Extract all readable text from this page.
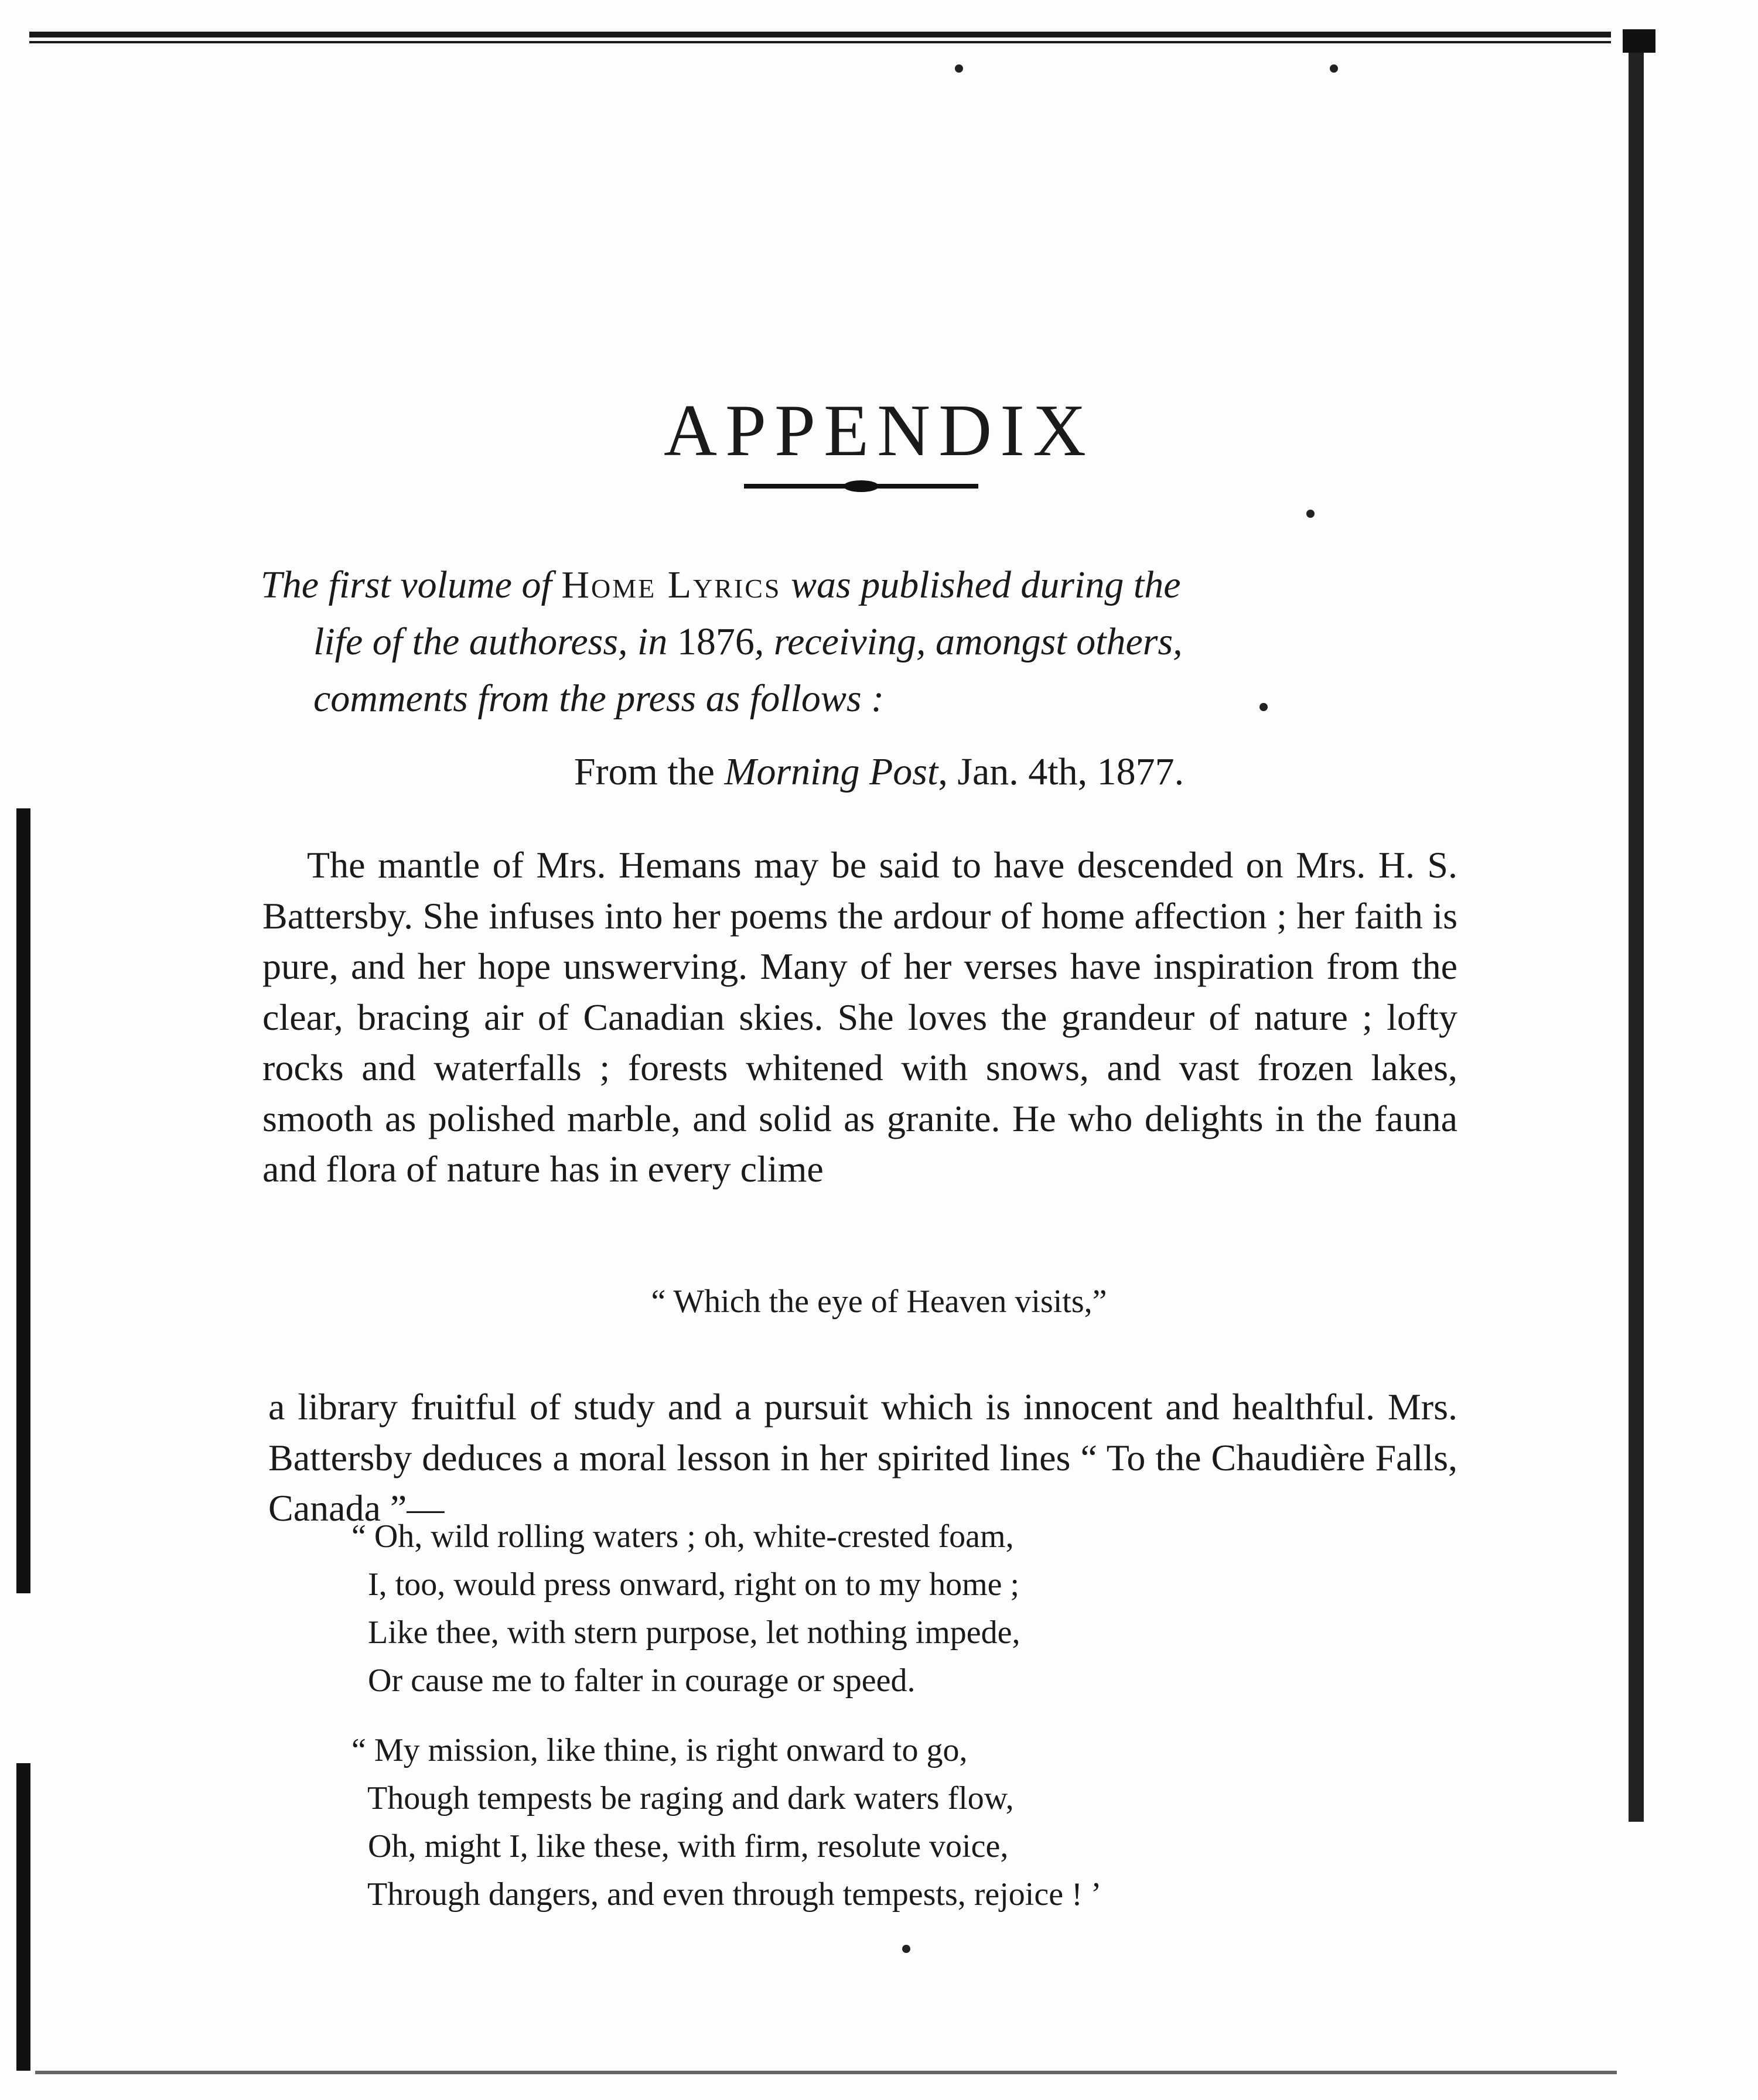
APPENDIX
The first volume of Home Lyrics was published during the
life of the authoress, in 1876, receiving, amongst others,
comments from the press as follows :
From the Morning Post, Jan. 4th, 1877.

The mantle of Mrs. Hemans may be said to have descended on Mrs. H. S. Battersby. She infuses into her poems the ardour of home affection ; her faith is pure, and her hope unswerving. Many of her verses have inspiration from the clear, bracing air of Canadian skies. She loves the grandeur of nature ; lofty rocks and waterfalls ; forests whitened with snows, and vast frozen lakes, smooth as polished marble, and solid as granite. He who delights in the fauna and flora of nature has in every clime

“ Which the eye of Heaven visits,”

a library fruitful of study and a pursuit which is innocent and healthful. Mrs. Battersby deduces a moral lesson in her spirited lines “ To the Chaudière Falls, Canada ”—

“ Oh, wild rolling waters ; oh, white-crested foam,
I, too, would press onward, right on to my home ;
Like thee, with stern purpose, let nothing impede,
Or cause me to falter in courage or speed.
“ My mission, like thine, is right onward to go,
Though tempests be raging and dark waters flow,
Oh, might I, like these, with firm, resolute voice,
Through dangers, and even through tempests, rejoice ! ’
